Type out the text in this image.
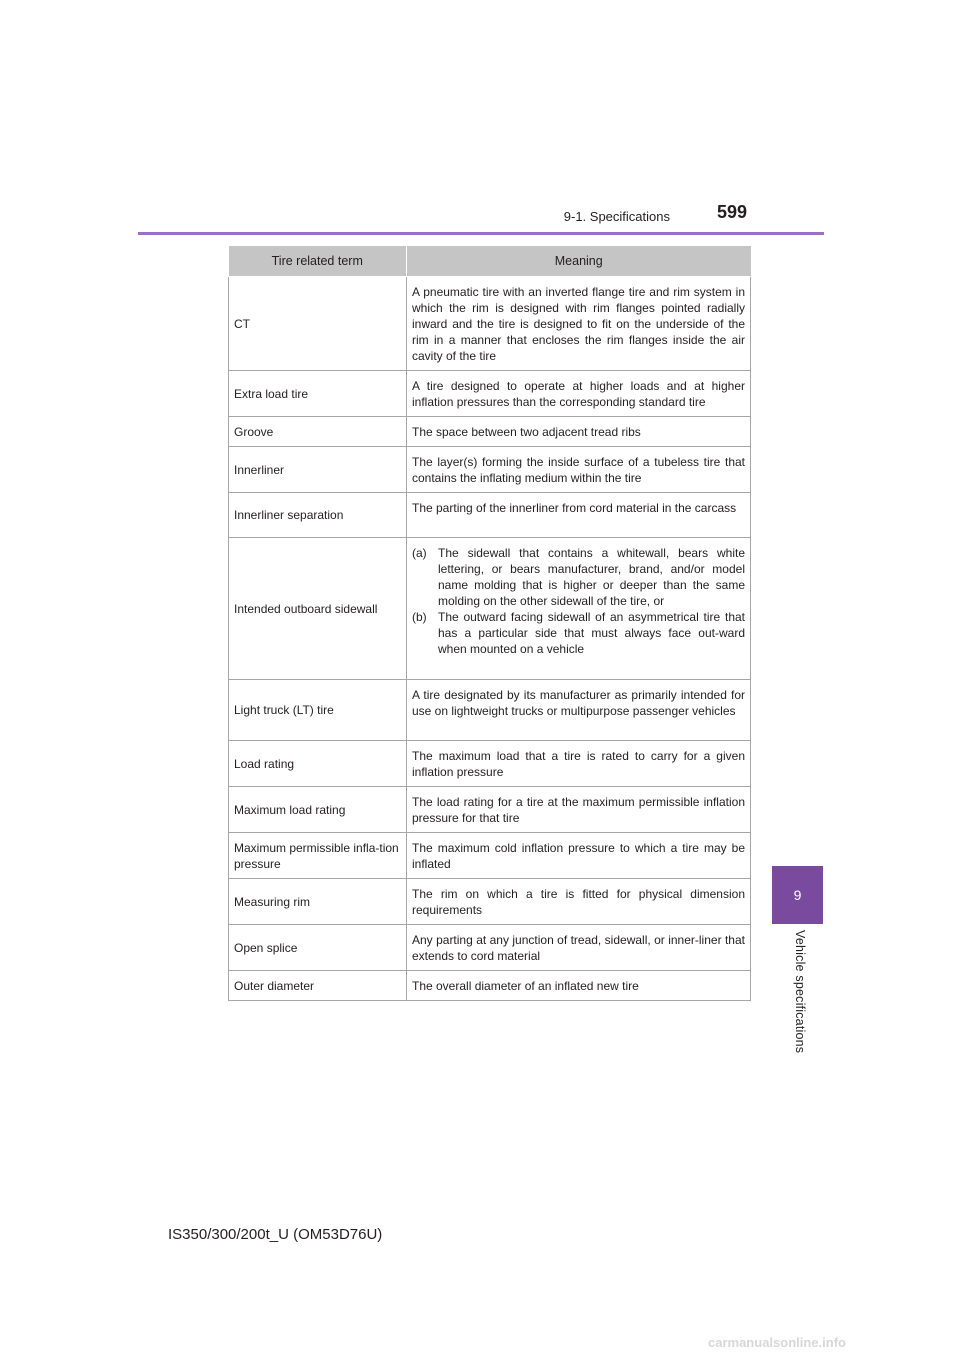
9-1. Specifications	599
9
Vehicle specifications
Tire related term	Meaning
CT	A pneumatic tire with an inverted flange tire and rim system in which the rim is designed with rim flanges pointed radially inward and the tire is designed to fit on the underside of the rim in a manner that encloses the rim flanges inside the air cavity of the tire
Extra load tire	A tire designed to operate at higher loads and at higher inflation pressures than the corresponding standard tire
Groove	The space between two adjacent tread ribs
Innerliner	The layer(s) forming the inside surface of a tubeless tire that contains the inflating medium within the tire
Innerliner separation	The parting of the innerliner from cord material in the carcass
Intended outboard sidewall	(a) The sidewall that contains a whitewall, bears white lettering, or bears manufacturer, brand, and/or model name molding that is higher or deeper than the same molding on the other sidewall of the tire, or
(b) The outward facing sidewall of an asymmetrical tire that has a particular side that must always face out-ward when mounted on a vehicle

Light truck (LT) tire	A tire designated by its manufacturer as primarily intended for use on lightweight trucks or multipurpose passenger vehicles
Load rating	The maximum load that a tire is rated to carry for a given inflation pressure
Maximum load rating	The load rating for a tire at the maximum permissible inflation pressure for that tire
Maximum permissible infla-tion pressure	The maximum cold inflation pressure to which a tire may be inflated
Measuring rim	The rim on which a tire is fitted for physical dimension requirements
Open splice	Any parting at any junction of tread, sidewall, or inner-liner that extends to cord material
Outer diameter	The overall diameter of an inflated new tire
IS350/300/200t_U (OM53D76U)
carmanualsonline.info
